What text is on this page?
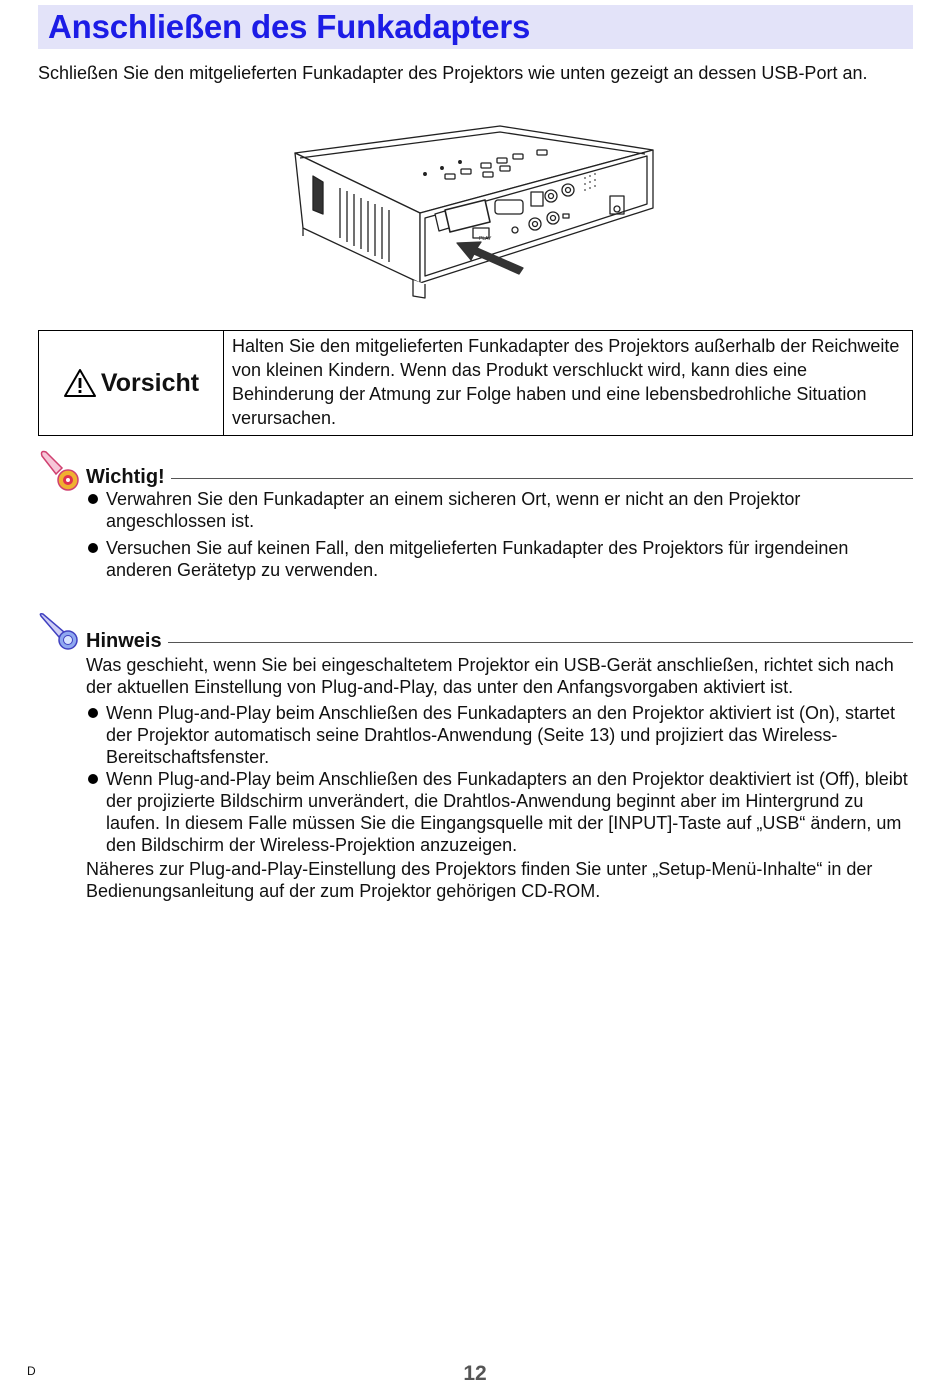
Anschließen des Funkadapters

Schließen Sie den mitgelieferten Funkadapter des Projektors wie unten gezeigt an dessen USB-Port an.

PLAY
Vorsicht
Halten Sie den mitgelieferten Funkadapter des Projektors außerhalb der Reichweite von kleinen Kindern. Wenn das Produkt verschluckt wird, kann dies eine Behinderung der Atmung zur Folge haben und eine lebensbedrohliche Situation verursachen.
Wichtig!
Verwahren Sie den Funkadapter an einem sicheren Ort, wenn er nicht an den Projektor angeschlossen ist.
Versuchen Sie auf keinen Fall, den mitgelieferten Funkadapter des Projektors für irgendeinen anderen Gerätetyp zu verwenden.
Hinweis

Was geschieht, wenn Sie bei eingeschaltetem Projektor ein USB-Gerät anschließen, richtet sich nach der aktuellen Einstellung von Plug-and-Play, das unter den Anfangsvorgaben aktiviert ist.

Wenn Plug-and-Play beim Anschließen des Funkadapters an den Projektor aktiviert ist (On), startet der Projektor automatisch seine Drahtlos-Anwendung (Seite 13) und projiziert das Wireless-Bereitschaftsfenster.
Wenn Plug-and-Play beim Anschließen des Funkadapters an den Projektor deaktiviert ist (Off), bleibt der projizierte Bildschirm unverändert, die Drahtlos-Anwendung beginnt aber im Hintergrund zu laufen. In diesem Falle müssen Sie die Eingangsquelle mit der [INPUT]-Taste auf „USB“ ändern, um den Bildschirm der Wireless-Projektion anzuzeigen.

Näheres zur Plug-and-Play-Einstellung des Projektors finden Sie unter „Setup-Menü-Inhalte“ in der Bedienungsanleitung auf der zum Projektor gehörigen CD-ROM.

D	12
